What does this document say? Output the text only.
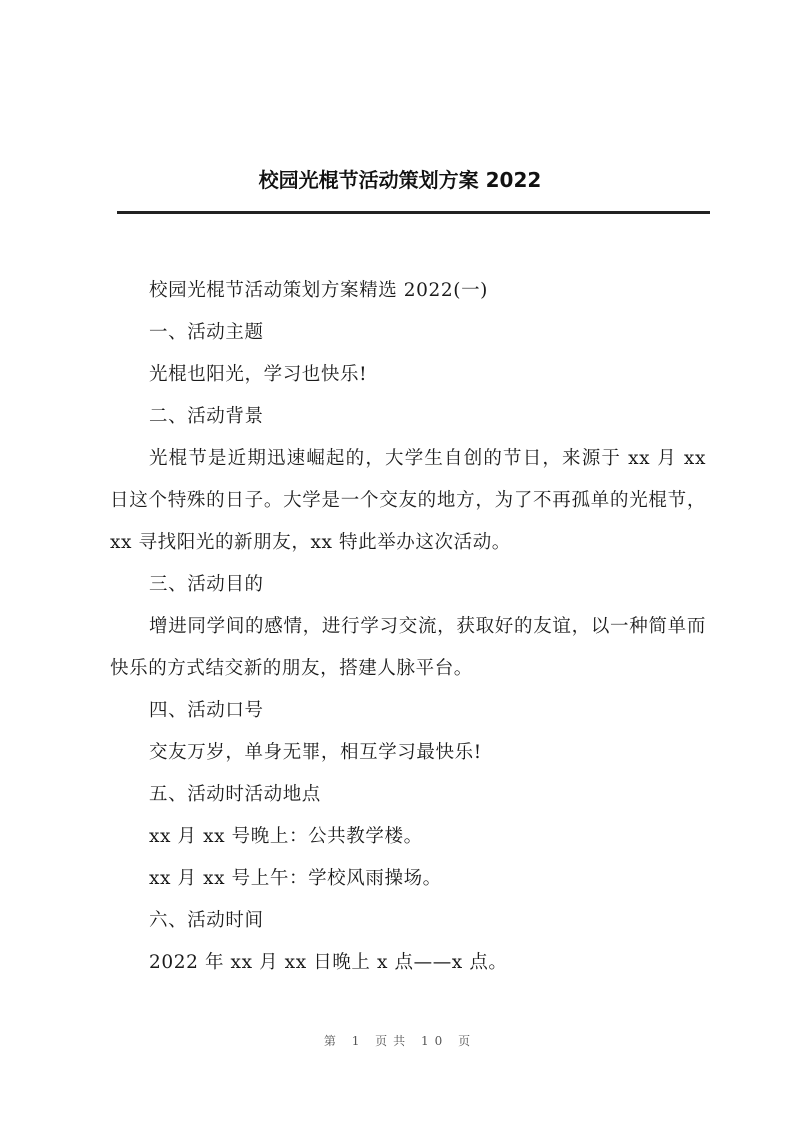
校园光棍节活动策划方案 2022

校园光棍节活动策划方案精选 2022(一)

一、活动主题

光棍也阳光，学习也快乐!

二、活动背景

光棍节是近期迅速崛起的，大学生自创的节日，来源于 xx 月 xx 日这个特殊的日子。大学是一个交友的地方，为了不再孤单的光棍节，xx 寻找阳光的新朋友，xx 特此举办这次活动。

三、活动目的

增进同学间的感情，进行学习交流，获取好的友谊，以一种简单而快乐的方式结交新的朋友，搭建人脉平台。

四、活动口号

交友万岁，单身无罪，相互学习最快乐!

五、活动时活动地点

xx 月 xx 号晚上：公共教学楼。

xx 月 xx 号上午：学校风雨操场。

六、活动时间

2022 年 xx 月 xx 日晚上 x 点——x 点。

第 1 页共 10 页
